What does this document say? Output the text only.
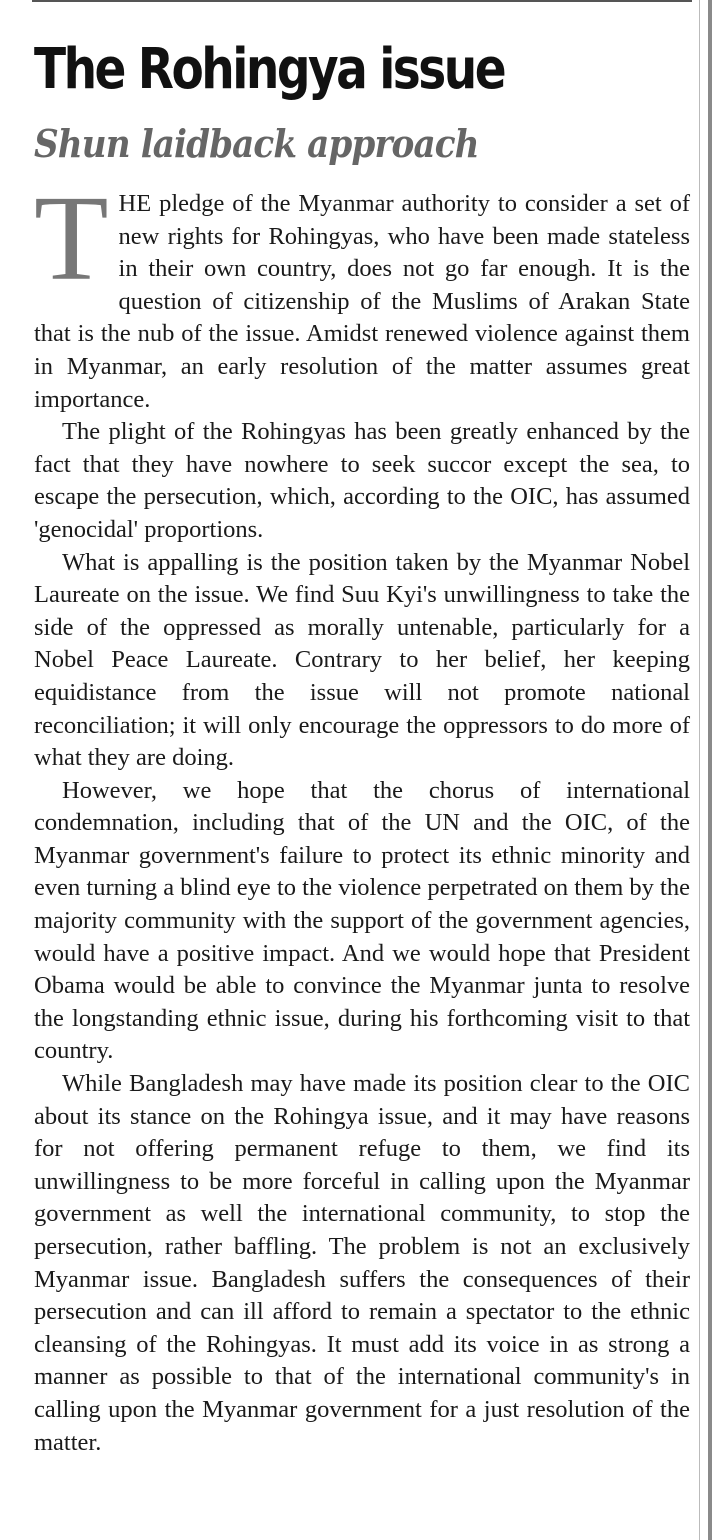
The Rohingya issue
Shun laidback approach

THE pledge of the Myanmar authority to consider a set of new rights for Rohingyas, who have been made stateless in their own country, does not go far enough. It is the question of citizenship of the Muslims of Arakan State that is the nub of the issue. Amidst renewed violence against them in Myanmar, an early resolution of the matter assumes great importance.

The plight of the Rohingyas has been greatly enhanced by the fact that they have nowhere to seek succor except the sea, to escape the persecution, which, according to the OIC, has assumed 'genocidal' proportions.

What is appalling is the position taken by the Myanmar Nobel Laureate on the issue. We find Suu Kyi's unwillingness to take the side of the oppressed as morally untenable, particularly for a Nobel Peace Laureate. Contrary to her belief, her keeping equidistance from the issue will not promote national reconciliation; it will only encourage the oppressors to do more of what they are doing.

However, we hope that the chorus of international condemnation, including that of the UN and the OIC, of the Myanmar government's failure to protect its ethnic minority and even turning a blind eye to the violence perpetrated on them by the majority community with the support of the government agencies, would have a positive impact. And we would hope that President Obama would be able to convince the Myanmar junta to resolve the longstanding ethnic issue, during his forthcoming visit to that country.

While Bangladesh may have made its position clear to the OIC about its stance on the Rohingya issue, and it may have reasons for not offering permanent refuge to them, we find its unwillingness to be more forceful in calling upon the Myanmar government as well the international community, to stop the persecution, rather baffling. The problem is not an exclusively Myanmar issue. Bangladesh suffers the consequences of their persecution and can ill afford to remain a spectator to the ethnic cleansing of the Rohingyas. It must add its voice in as strong a manner as possible to that of the international community's in calling upon the Myanmar government for a just resolution of the matter.
